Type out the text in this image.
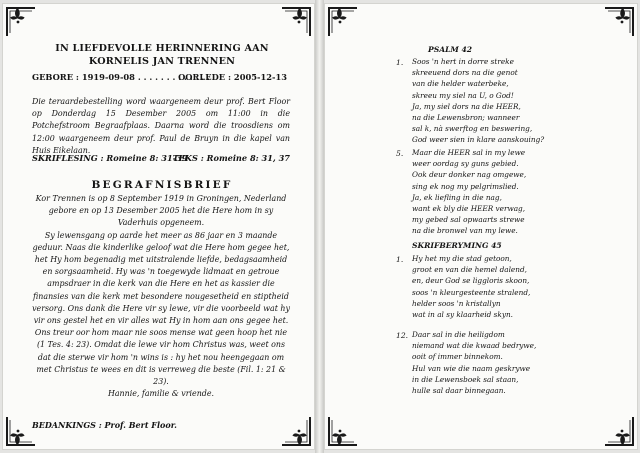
IN LIEFDEVOLLE HERINNERING AAN
KORNELIS JAN TRENNEN
GEBORE : 1919-09-08 . . . . . . . . . . . . .
OORLEDE : 2005-12-13
Die teraardebestelling word waargeneem deur prof. Bert Floor op Donderdag 15 Desember 2005 om 11:00 in die Potchefstroom Begraafplaas. Daarna word die troosdiens om 12:00 waargeneem deur prof. Paul de Bruyn in die kapel van Huis Eikelaan.
SKRIFLESING : Romeine 8: 31-39
TEKS : Romeine 8: 31, 37
BEGRAFNISBRIEF
Kor Trennen is op 8 September 1919 in Groningen, Nederland gebore en op 13 Desember 2005 het die Here hom in sy Vaderhuis opgeneem.
Sy lewensgang op aarde het meer as 86 jaar en 3 maande geduur. Naas die kinderlike geloof wat die Here hom gegee het, het Hy hom begenadig met uitstralende liefde, bedagsaamheid en sorgsaamheid. Hy was 'n toegewyde lidmaat en getroue ampsdraer in die kerk van die Here en het as kassier die finansies van die kerk met besondere nougesetheid en stiptheid versorg. Ons dank die Here vir sy lewe, vir die voorbeeld wat hy vir ons gestel het en vir alles wat Hy in hom aan ons gegee het.
Ons treur oor hom maar nie soos mense wat geen hoop het nie (1 Tes. 4: 23). Omdat die lewe vir hom Christus was, weet ons dat die sterwe vir hom 'n wins is : hy het nou heengegaan om met Christus te wees en dit is verreweg die beste (Fil. 1: 21 & 23).
Hannie, familie & vriende.
BEDANKINGS : Prof. Bert Floor.
PSALM 42
1. Soos 'n hert in dorre streke
skreeuend dors na die genot
van die helder waterbeke,
skreeu my siel na U, o God!
Ja, my siel dors na die HEER,
na die Lewensbron; wanneer
sal k, nà swerftog en beswering,
God weer sien in klare aanskouing?
5. Maar die HEER sal in my lewe
weer oordag sy guns gebied.
Ook deur donker nag omgewe,
sing ek nog my pelgrimslied.
Ja, ek liefling in die nag,
want ek bly die HEER verwag,
my gebed sal opwaarts strewe
na die bronwel van my lewe.
SKRIFBERYMING 45
1. Hy het my die stad getoon,
groot en van die hemel dalend,
en, deur God se liggloris skoon,
soos 'n kleurgesteente stralend,
helder soos 'n kristallyn
wat in al sy klaarheid skyn.
12. Daar sal in die heiligdom
niemand wat die kwaad bedrywe,
ooit of immer binnekom.
Hul van wie die naam geskrywe
in die Lewensboek sal staan,
hulle sal daar binnegaan.
